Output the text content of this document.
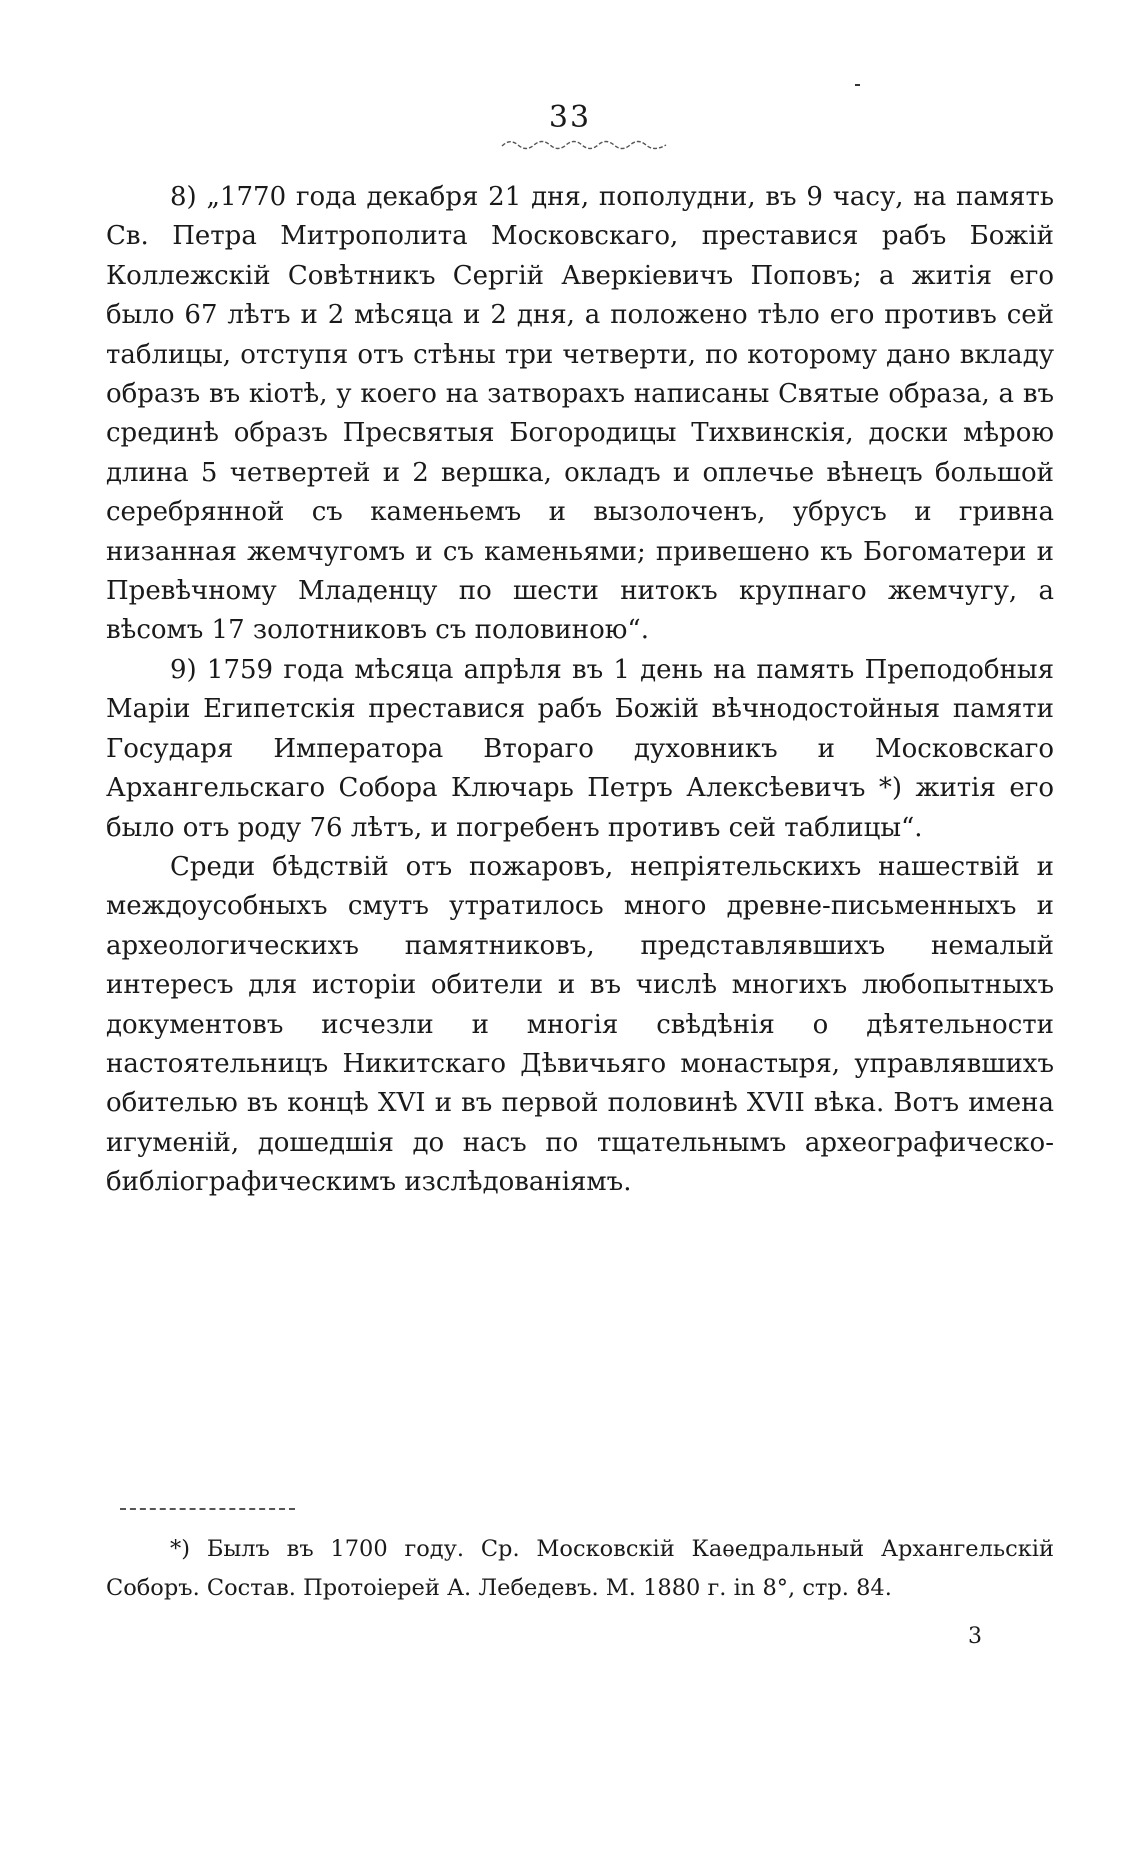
33

8) „1770 года декабря 21 дня, пополудни, въ 9 часу, на память Св. Петра Митрополита Московскаго, преставися рабъ Божій Коллежскій Совѣтникъ Сергій Аверкіевичъ Поповъ; а житія его было 67 лѣтъ и 2 мѣсяца и 2 дня, а положено тѣло его противъ сей таблицы, отступя отъ стѣны три четверти, по которому дано вкладу образъ въ кіотѣ, у коего на затворахъ написаны Святые образа, а въ срединѣ образъ Пресвятыя Богородицы Тихвинскія, доски мѣрою длина 5 четвертей и 2 вершка, окладъ и оплечье вѣнецъ большой серебрянной съ каменьемъ и вызолоченъ, убрусъ и гривна низанная жемчугомъ и съ каменьями; привешено къ Богоматери и Превѣчному Младенцу по шести нитокъ крупнаго жемчугу, а вѣсомъ 17 золотниковъ съ половиною“.

9) 1759 года мѣсяца апрѣля въ 1 день на память Преподобныя Маріи Египетскія преставися рабъ Божій вѣчнодостойныя памяти Государя Императора Втораго духовникъ и Московскаго Архангельскаго Собора Ключарь Петръ Алексѣевичъ *) житія его было отъ роду 76 лѣтъ, и погребенъ противъ сей таблицы“.

Среди бѣдствій отъ пожаровъ, непріятельскихъ нашествій и междоусобныхъ смутъ утратилось много древне-письменныхъ и археологическихъ памятниковъ, представлявшихъ немалый интересъ для исторіи обители и въ числѣ многихъ любопытныхъ документовъ исчезли и многія свѣдѣнія о дѣятельности настоятельницъ Никитскаго Дѣвичьяго монастыря, управлявшихъ обителью въ концѣ XVI и въ первой половинѣ XVII вѣка. Вотъ имена игуменій, дошедшія до насъ по тщательнымъ археографическо-библіографическимъ изслѣдованіямъ.

*) Былъ въ 1700 году. Ср. Московскій Каѳедральный Архангельскій Соборъ. Состав. Протоіерей А. Лебедевъ. М. 1880 г. in 8°, стр. 84.

3
